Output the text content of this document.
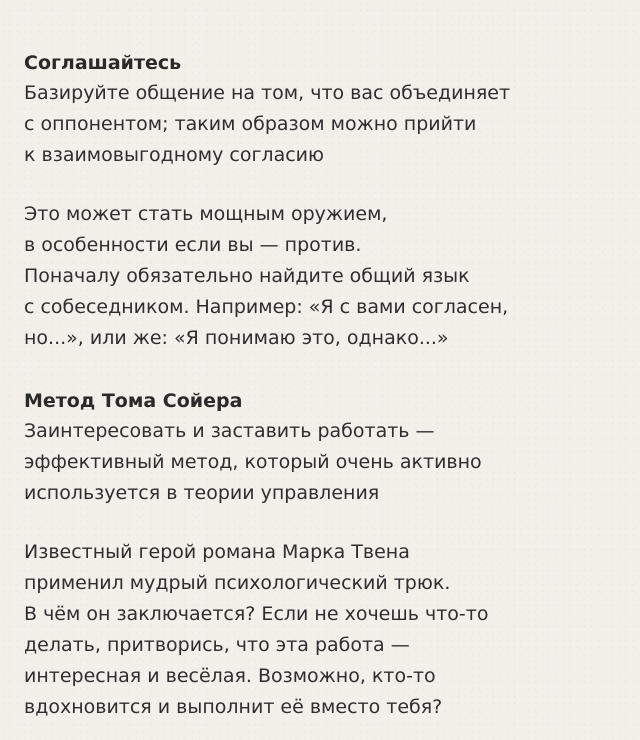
Соглашайтесь

Базируйте общение на том, что вас объединяет
с оппонентом; таким образом можно прийти
к взаимовыгодному согласию

Это может стать мощным оружием,
в особенности если вы — против.
Поначалу обязательно найдите общий язык
с собеседником. Например: «Я с вами согласен,
но...», или же: «Я понимаю это, однако...»

Метод Тома Сойера

Заинтересовать и заставить работать —
эффективный метод, который очень активно
используется в теории управления

Известный герой романа Марка Твена
применил мудрый психологический трюк.
В чём он заключается? Если не хочешь что-то
делать, притворись, что эта работа —
интересная и весёлая. Возможно, кто-то
вдохновится и выполнит её вместо тебя?
